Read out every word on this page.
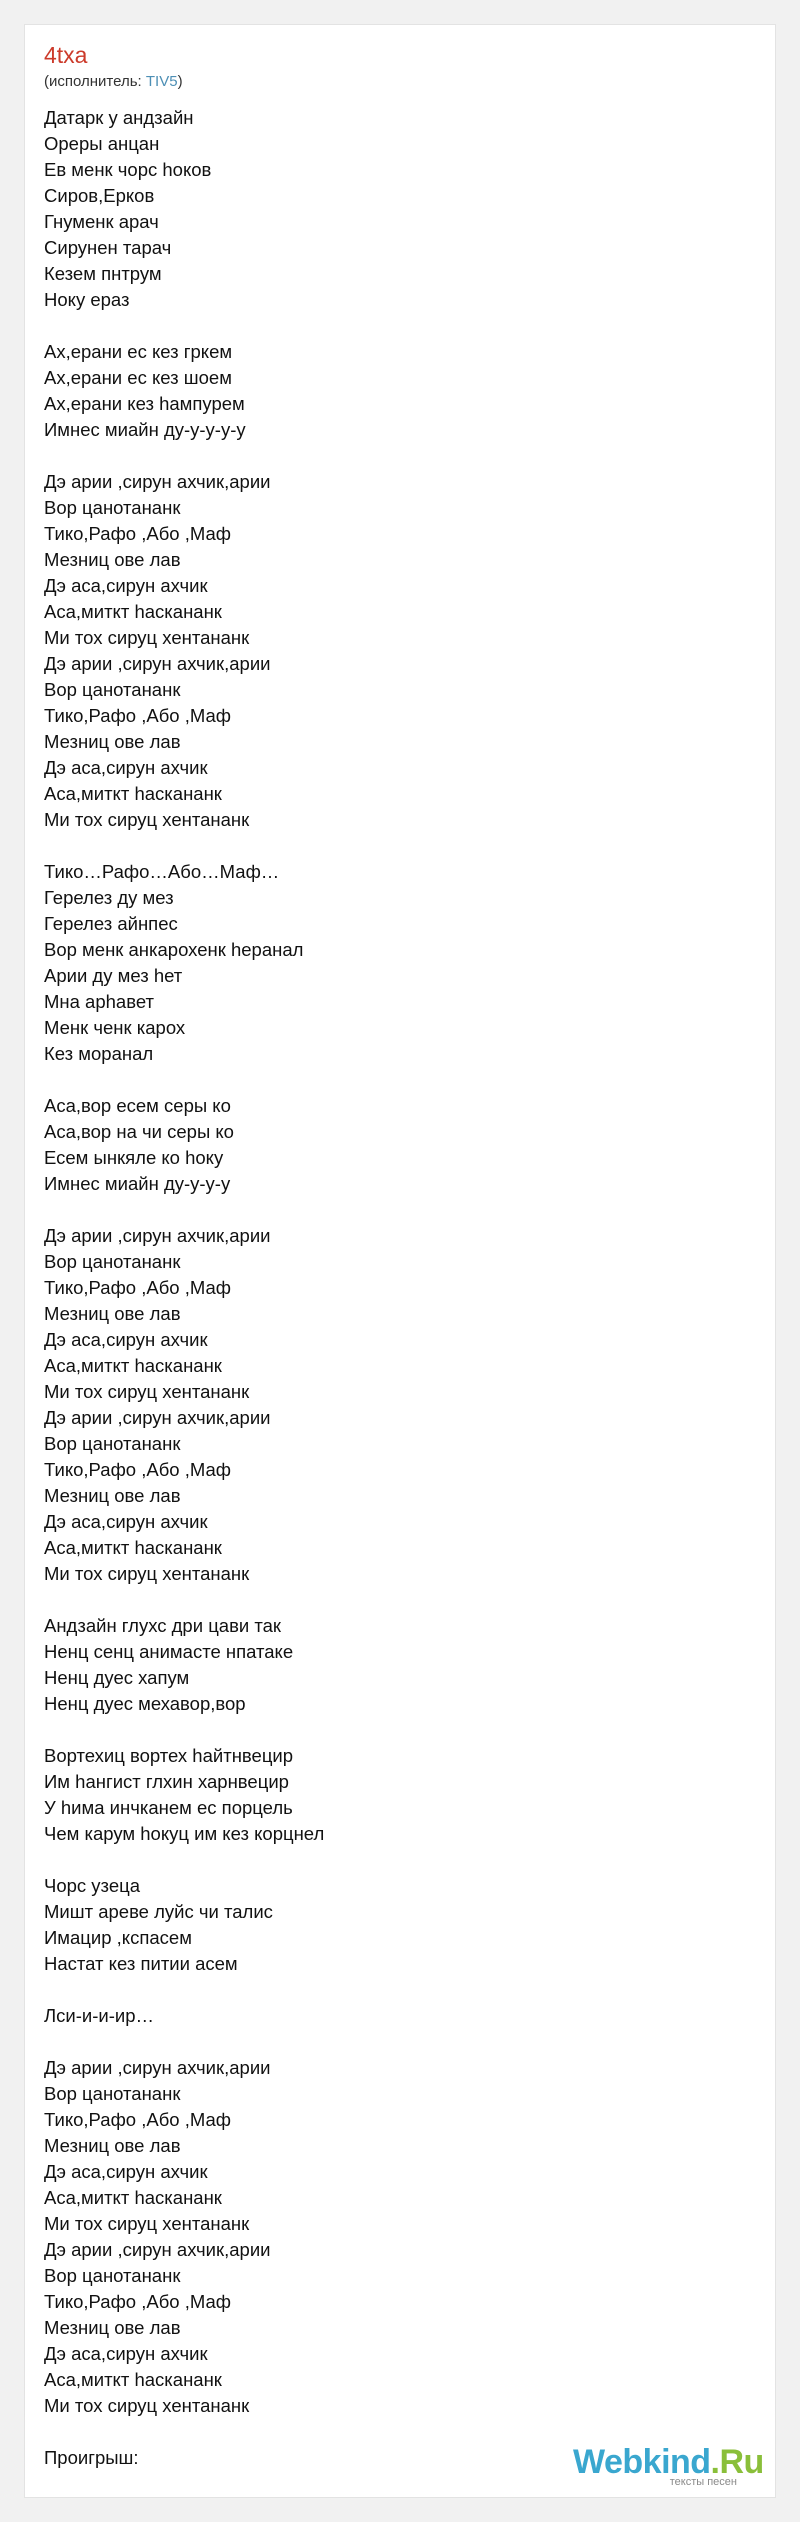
4txa
(исполнитель: TIV5)
Датарк у андзайн
Ореры анцан
Ев менк чорс hоков
Сиров,Ерков
Гнуменк арач
Сирунен тарач
Кезем пнтрум
Ноку ераз
Ах,ерани ес кез гркем
Ах,ерани ес кез шоем
Ах,ерани кез hампурем
Имнес миайн ду-у-у-у-у
Дэ арии ,сирун ахчик,арии
Вор цанотананк
Тико,Рафо ,Або ,Маф
Мезниц ове лав
Дэ аса,сирун ахчик
Аса,миткт hасканaнк
Ми тох сируц хентананк
Дэ арии ,сирун ахчик,арии
Вор цанотананк
Тико,Рафо ,Або ,Маф
Мезниц ове лав
Дэ аса,сирун ахчик
Аса,миткт hасканaнк
Ми тох сируц хентананк
Тико…Рафо…Або…Маф…
Герелез ду мез
Герелез айнпес
Вор менк анкарохенк hеранал
Арии ду мез hет
Мна арhавет
Менк ченк карох
Кез моранал
Аса,вор есем серы ко
Аса,вор на чи серы ко
Есем ынкяле ко hоку
Имнес миайн ду-у-у-у
Дэ арии ,сирун ахчик,арии
Вор цанотананк
Тико,Рафо ,Або ,Маф
Мезниц ове лав
Дэ аса,сирун ахчик
Аса,миткт hасканaнк
Ми тох сируц хентананк
Дэ арии ,сирун ахчик,арии
Вор цанотананк
Тико,Рафо ,Або ,Маф
Мезниц ове лав
Дэ аса,сирун ахчик
Аса,миткт hасканaнк
Ми тох сируц хентананк
Андзайн глухс дри цави так
Ненц сенц анимасте нпатаке
Ненц дуес хапум
Ненц дуес мехавор,вор
Вортехиц вортех hайтнвецир
Им hангист глхин харнвецир
У hима инчканем ес порцель
Чем карум hокуц им кез корцнел
Чорс узеца
Мишт ареве луйс чи талис
Имацир ,кспасем
Настат кез питии асем
Лси-и-и-ир…
Дэ арии ,сирун ахчик,арии
Вор цанотананк
Тико,Рафо ,Або ,Маф
Мезниц ове лав
Дэ аса,сирун ахчик
Аса,миткт hасканaнк
Ми тох сируц хентананк
Дэ арии ,сирун ахчик,арии
Вор цанотананк
Тико,Рафо ,Або ,Маф
Мезниц ове лав
Дэ аса,сирун ахчик
Аса,миткт hасканaнк
Ми тох сируц хентананк
Проигрыш:	Webkind.Ru
тексты песен
